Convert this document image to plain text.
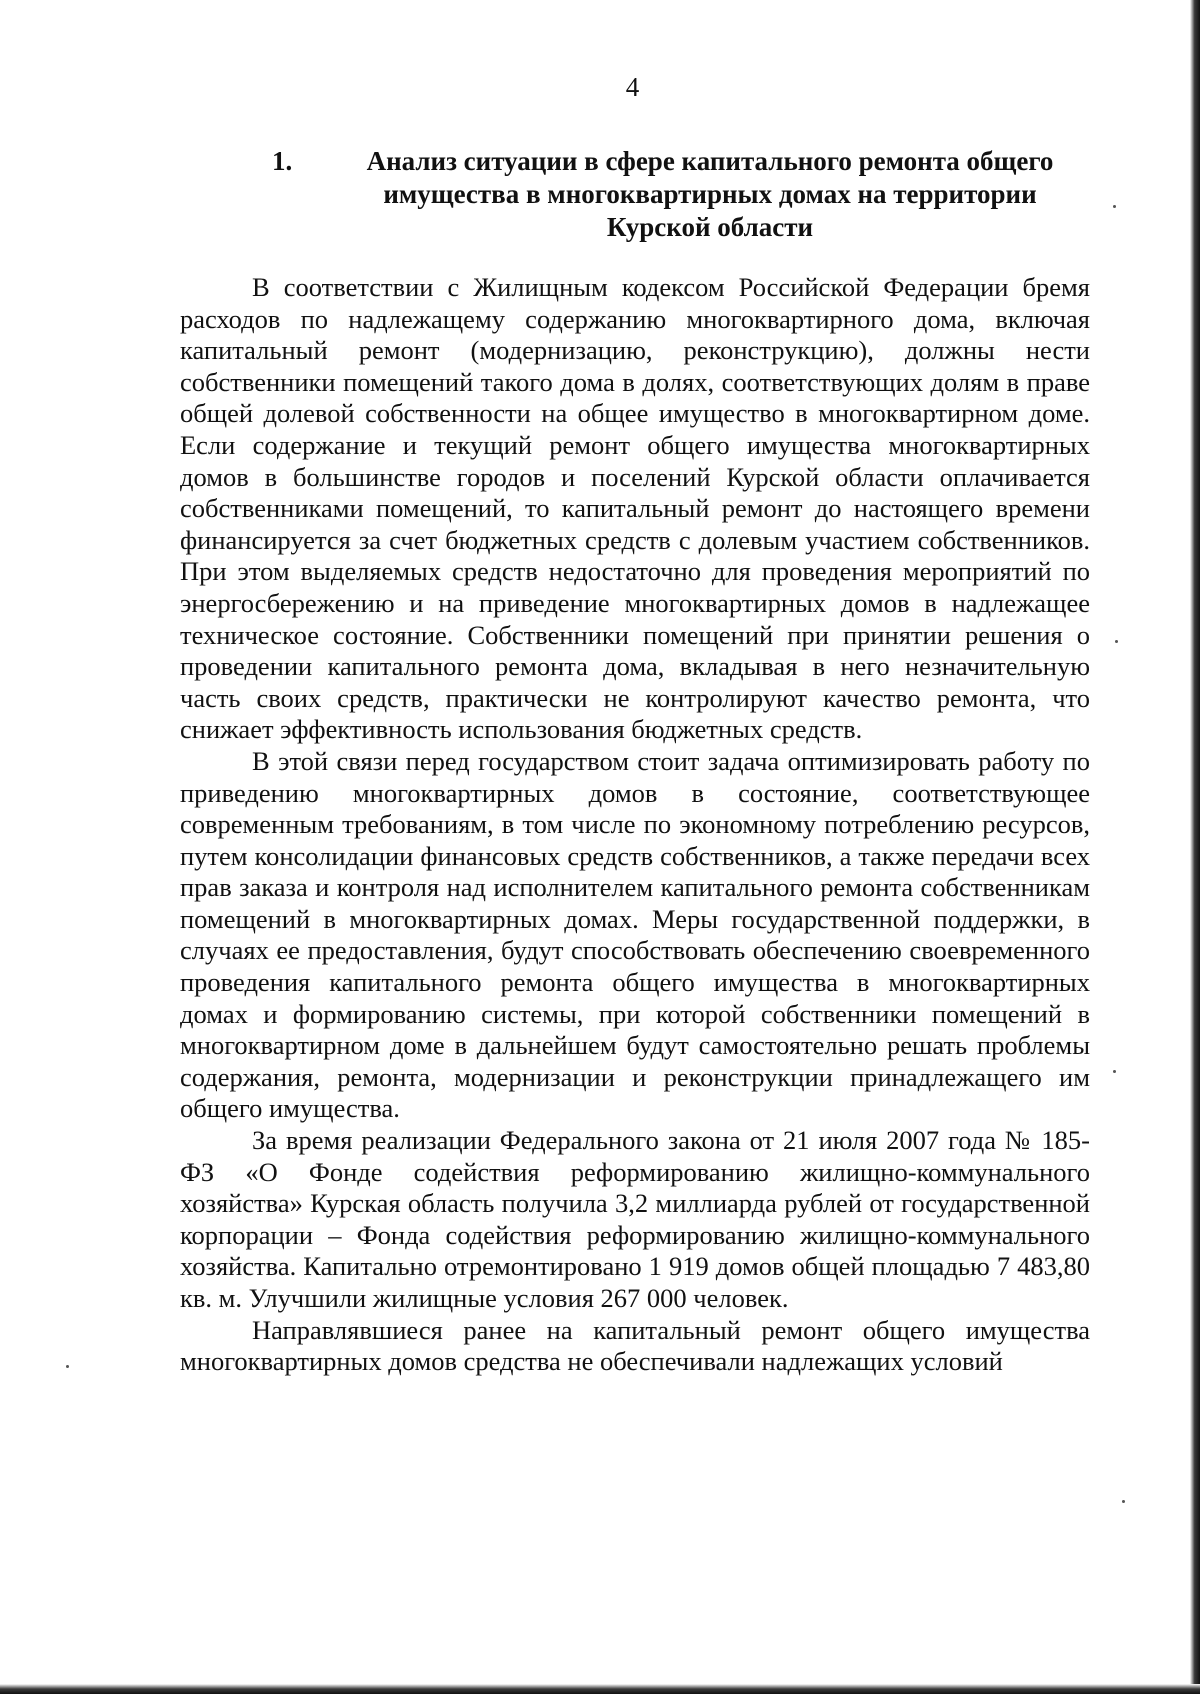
4
1.	Анализ ситуации в сфере капитального ремонта общего имущества в многоквартирных домах на территории Курской области

В соответствии с Жилищным кодексом Российской Федерации бремя расходов по надлежащему содержанию многоквартирного дома, включая капитальный ремонт (модернизацию, реконструкцию), должны нести собственники помещений такого дома в долях, соответствующих долям в праве общей долевой собственности на общее имущество в многоквартирном доме. Если содержание и текущий ремонт общего имущества многоквартирных домов в большинстве городов и поселений Курской области оплачивается собственниками помещений, то капитальный ремонт до настоящего времени финансируется за счет бюджетных средств с долевым участием собственников. При этом выделяемых средств недостаточно для проведения мероприятий по энергосбережению и на приведение многоквартирных домов в надлежащее техническое состояние. Собственники помещений при принятии решения о проведении капитального ремонта дома, вкладывая в него незначительную часть своих средств, практически не контролируют качество ремонта, что снижает эффективность использования бюджетных средств.

В этой связи перед государством стоит задача оптимизировать работу по приведению многоквартирных домов в состояние, соответствующее современным требованиям, в том числе по экономному потреблению ресурсов, путем консолидации финансовых средств собственников, а также передачи всех прав заказа и контроля над исполнителем капитального ремонта собственникам помещений в многоквартирных домах. Меры государственной поддержки, в случаях ее предоставления, будут способствовать обеспечению своевременного проведения капитального ремонта общего имущества в многоквартирных домах и формированию системы, при которой собственники помещений в многоквартирном доме в дальнейшем будут самостоятельно решать проблемы содержания, ремонта, модернизации и реконструкции принадлежащего им общего имущества.

За время реализации Федерального закона от 21 июля 2007 года № 185-ФЗ «О Фонде содействия реформированию жилищно-коммунального хозяйства» Курская область получила 3,2 миллиарда рублей от государственной корпорации – Фонда содействия реформированию жилищно-коммунального хозяйства. Капитально отремонтировано 1 919 домов общей площадью 7 483,80 кв. м. Улучшили жилищные условия 267 000 человек.

Направлявшиеся ранее на капитальный ремонт общего имущества многоквартирных домов средства не обеспечивали надлежащих условий
